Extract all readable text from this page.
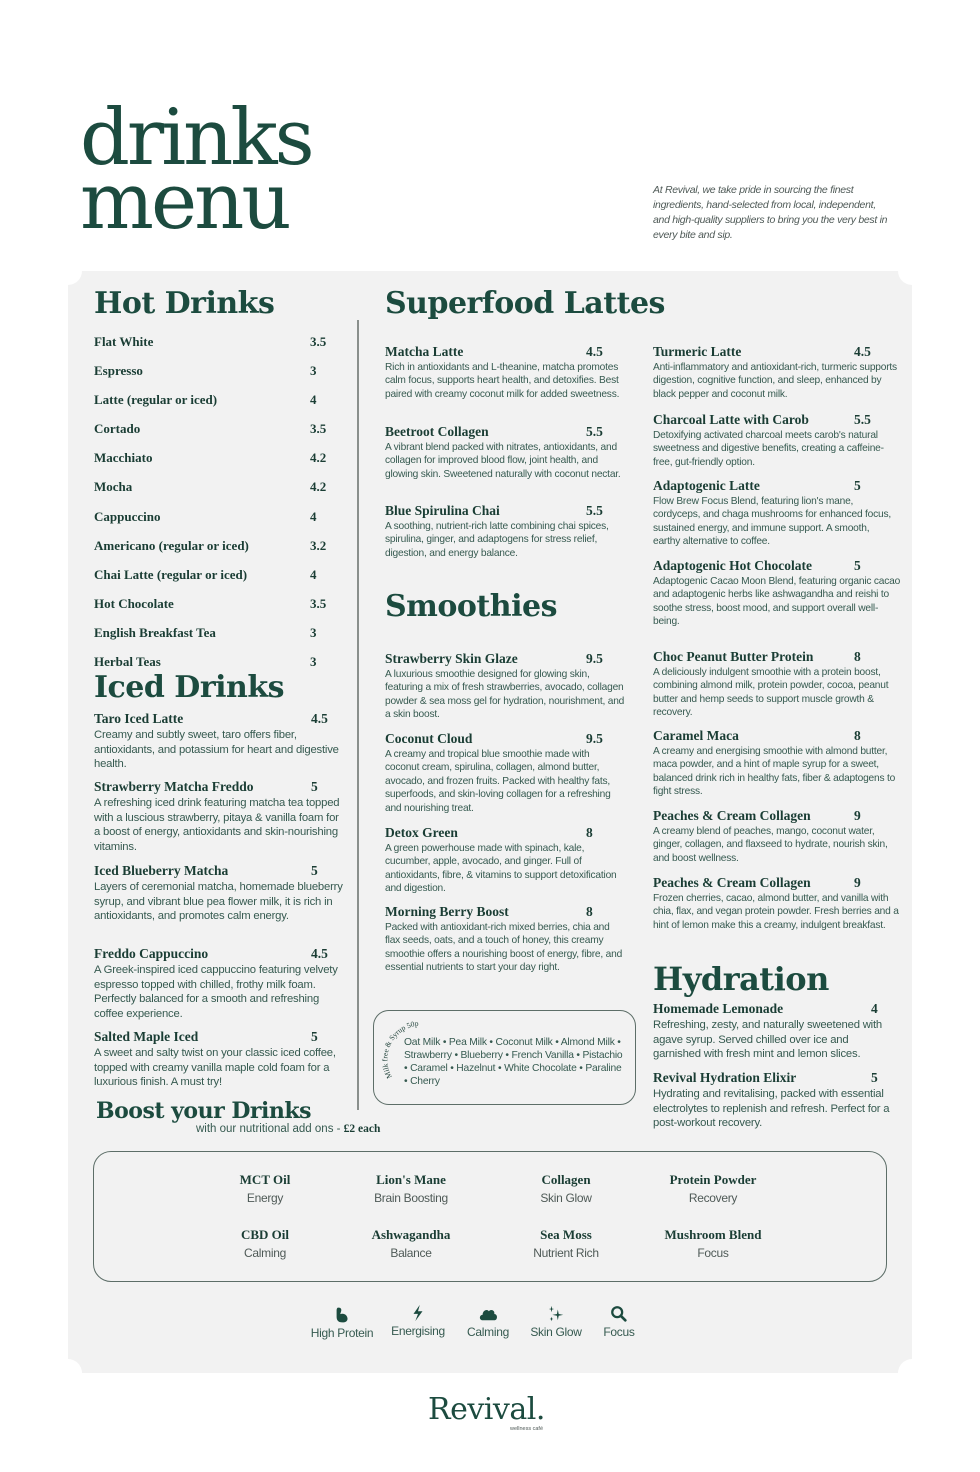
drinks
menu	At Revival, we take pride in sourcing the finest ingredients, hand-selected from local, independent, and high-quality suppliers to bring you the very best in every bite and sip.
Hot Drinks
Flat White	3.5
Espresso	3
Latte (regular or iced)	4
Cortado	3.5
Macchiato	4.2
Mocha	4.2
Cappuccino	4
Americano (regular or iced)	3.2
Chai Latte (regular or iced)	4
Hot Chocolate	3.5
English Breakfast Tea	3
Herbal Teas	3
Iced Drinks
Taro Iced Latte	4.5
Creamy and subtly sweet, taro offers fiber, antioxidants, and potassium for heart and digestive health.
Strawberry Matcha Freddo	5
A refreshing iced drink featuring matcha tea topped with a luscious strawberry, pitaya & vanilla foam for a boost of energy, antioxidants and skin-nourishing vitamins.
Iced Blueberry Matcha	5
Layers of ceremonial matcha, homemade blueberry syrup, and vibrant blue pea flower milk, it is rich in antioxidants, and promotes calm energy.
Freddo Cappuccino	4.5
A Greek-inspired iced cappuccino featuring velvety espresso topped with chilled, frothy milk foam. Perfectly balanced for a smooth and refreshing coffee experience.
Salted Maple Iced	5
A sweet and salty twist on your classic iced coffee, topped with creamy vanilla maple cold foam for a luxurious finish. A must try!
Superfood Lattes
Matcha Latte	4.5
Rich in antioxidants and L-theanine, matcha promotes calm focus, supports heart health, and detoxifies. Best paired with creamy coconut milk for added sweetness.
Beetroot Collagen	5.5
A vibrant blend packed with nitrates, antioxidants, and collagen for improved blood flow, joint health, and glowing skin. Sweetened naturally with coconut nectar.
Blue Spirulina Chai	5.5
A soothing, nutrient-rich latte combining chai spices, spirulina, ginger, and adaptogens for stress relief, digestion, and energy balance.
Turmeric Latte	4.5
Anti-inflammatory and antioxidant-rich, turmeric supports digestion, cognitive function, and sleep, enhanced by black pepper and coconut milk.
Charcoal Latte with Carob	5.5
Detoxifying activated charcoal meets carob's natural sweetness and digestive benefits, creating a caffeine-free, gut-friendly option.
Adaptogenic Latte	5
Flow Brew Focus Blend, featuring lion's mane, cordyceps, and chaga mushrooms for enhanced focus, sustained energy, and immune support. A smooth, earthy alternative to coffee.
Adaptogenic Hot Chocolate	5
Adaptogenic Cacao Moon Blend, featuring organic cacao and adaptogenic herbs like ashwagandha and reishi to soothe stress, boost mood, and support overall well-being.
Smoothies
Strawberry Skin Glaze	9.5
A luxurious smoothie designed for glowing skin, featuring a mix of fresh strawberries, avocado, collagen powder & sea moss gel for hydration, nourishment, and a skin boost.
Coconut Cloud	9.5
A creamy and tropical blue smoothie made with coconut cream, spirulina, collagen, almond butter, avocado, and frozen fruits. Packed with healthy fats, superfoods, and skin-loving collagen for a refreshing and nourishing treat.
Detox Green	8
A green powerhouse made with spinach, kale, cucumber, apple, avocado, and ginger. Full of antioxidants, fibre, & vitamins to support detoxification and digestion.
Morning Berry Boost	8
Packed with antioxidant-rich mixed berries, chia and flax seeds, oats, and a touch of honey, this creamy smoothie offers a nourishing boost of energy, fibre, and essential nutrients to start your day right.
Choc Peanut Butter Protein	8
A deliciously indulgent smoothie with a protein boost, combining almond milk, protein powder, cocoa, peanut butter and hemp seeds to support muscle growth & recovery.
Caramel Maca	8
A creamy and energising smoothie with almond butter, maca powder, and a hint of maple syrup for a sweet, balanced drink rich in healthy fats, fiber & adaptogens to fight stress.
Peaches & Cream Collagen	9
A creamy blend of peaches, mango, coconut water, ginger, collagen, and flaxseed to hydrate, nourish skin, and boost wellness.
Peaches & Cream Collagen	9
Frozen cherries, cacao, almond butter, and vanilla with chia, flax, and vegan protein powder. Fresh berries and a hint of lemon make this a creamy, indulgent breakfast.
Milk free & Syrup 50p
Oat Milk • Pea Milk • Coconut Milk • Almond Milk • Strawberry • Blueberry • French Vanilla • Pistachio • Caramel • Hazelnut • White Chocolate • Paraline • Cherry
Hydration
Homemade Lemonade	4
Refreshing, zesty, and naturally sweetened with agave syrup. Served chilled over ice and garnished with fresh mint and lemon slices.
Revival Hydration Elixir	5
Hydrating and revitalising, packed with essential electrolytes to replenish and refresh. Perfect for a post-workout recovery.
Boost your Drinks
with our nutritional add ons - £2 each
MCT Oil
Energy
Lion's Mane
Brain Boosting
Collagen
Skin Glow
Protein Powder
Recovery
CBD Oil
Calming
Ashwagandha
Balance
Sea Moss
Nutrient Rich
Mushroom Blend
Focus
High Protein	Energising	Calming	Skin Glow	Focus
Revival.
wellness café
